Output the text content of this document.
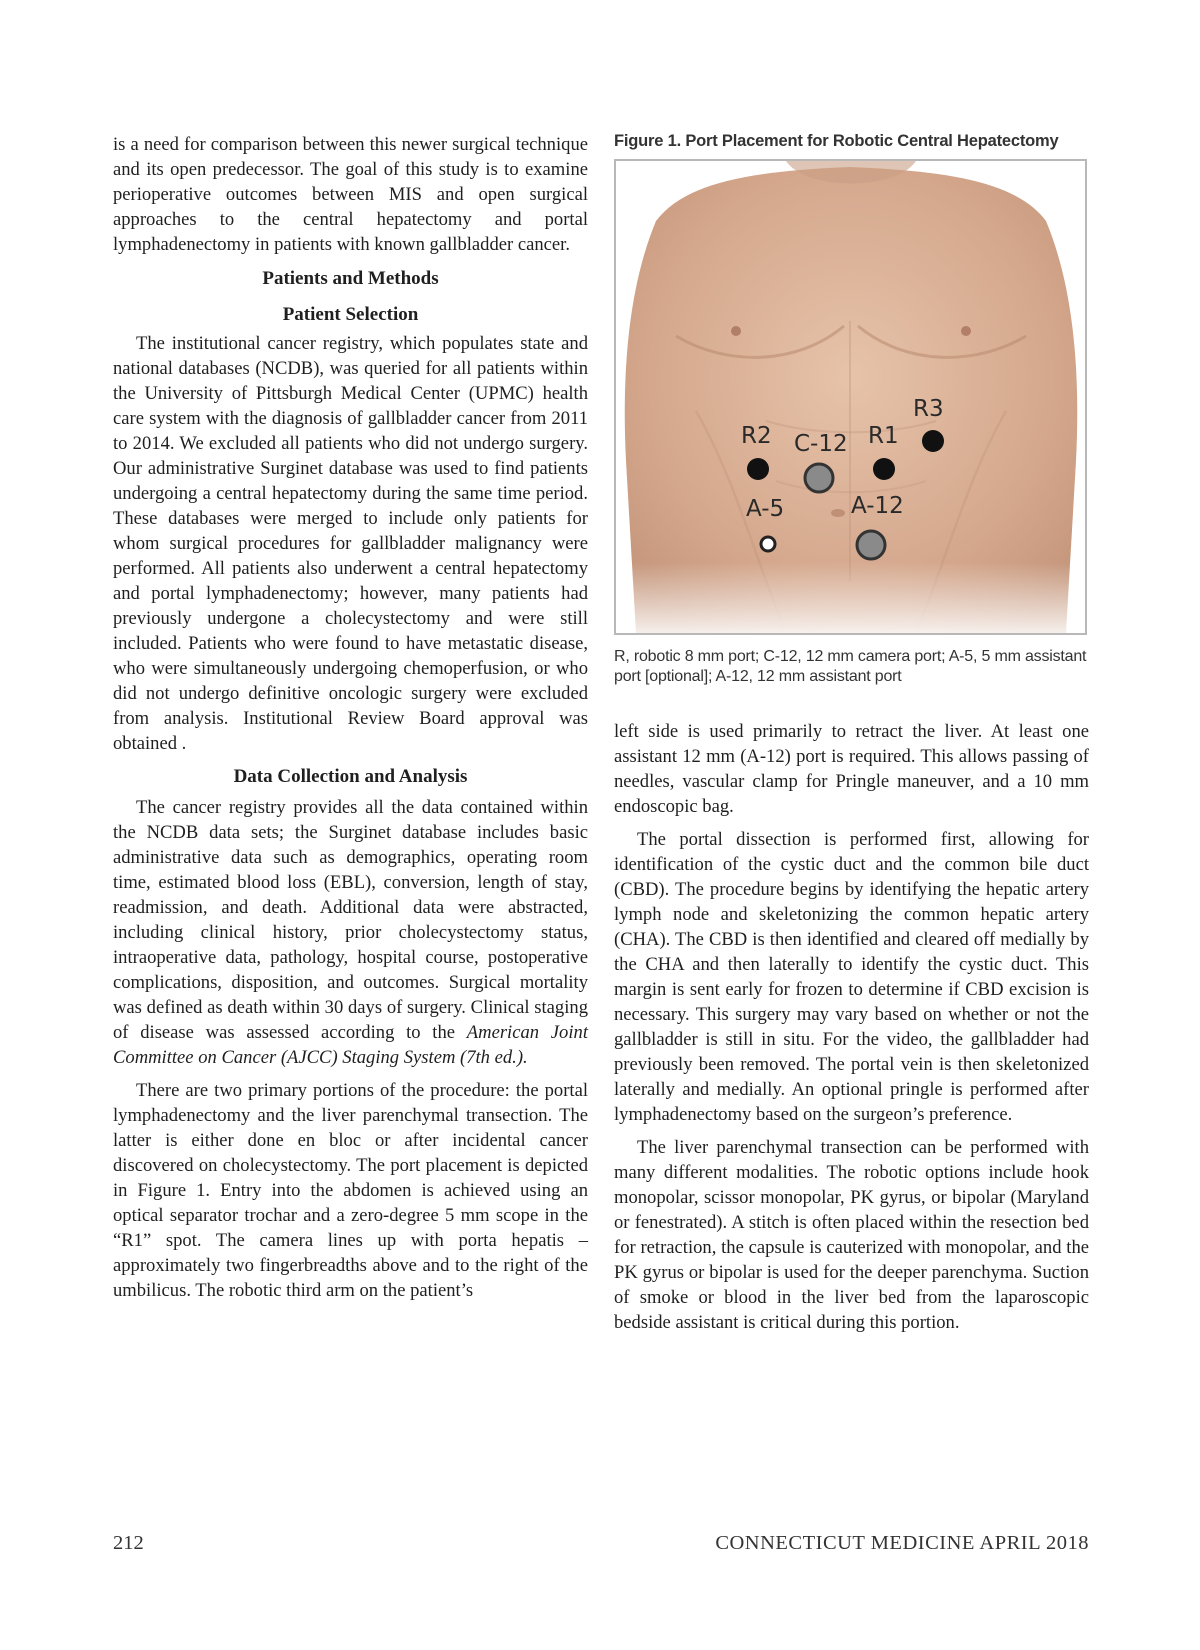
is a need for comparison between this newer surgical technique and its open predecessor. The goal of this study is to examine perioperative outcomes between MIS and open surgical approaches to the central hepatectomy and portal lymphadenectomy in patients with known gallbladder cancer.

Patients and Methods
Patient Selection

The institutional cancer registry, which populates state and national databases (NCDB), was queried for all patients within the University of Pittsburgh Medical Center (UPMC) health care system with the diagnosis of gallbladder cancer from 2011 to 2014. We excluded all patients who did not undergo surgery. Our administrative Surginet database was used to find patients undergoing a central hepatectomy during the same time period. These databases were merged to include only patients for whom surgical procedures for gallbladder malignancy were performed. All patients also underwent a central hepatectomy and portal lymphadenectomy; however, many patients had previously undergone a cholecystectomy and were still included. Patients who were found to have metastatic disease, who were simultaneously undergoing chemoperfusion, or who did not undergo definitive oncologic surgery were excluded from analysis. Institutional Review Board approval was obtained .

Data Collection and Analysis

The cancer registry provides all the data contained within the NCDB data sets; the Surginet database includes basic administrative data such as demographics, operating room time, estimated blood loss (EBL), conversion, length of stay, readmission, and death. Additional data were abstracted, including clinical history, prior cholecystectomy status, intraoperative data, pathology, hospital course, postoperative complications, disposition, and outcomes. Surgical mortality was defined as death within 30 days of surgery. Clinical staging of disease was assessed according to the American Joint Committee on Cancer (AJCC) Staging System (7th ed.).

There are two primary portions of the procedure: the portal lymphadenectomy and the liver parenchymal transection. The latter is either done en bloc or after incidental cancer discovered on cholecystectomy. The port placement is depicted in Figure 1. Entry into the abdomen is achieved using an optical separator trochar and a zero-degree 5 mm scope in the “R1” spot. The camera lines up with porta hepatis – approximately two fingerbreadths above and to the right of the umbilicus. The robotic third arm on the patient’s

Figure 1. Port Placement for Robotic Central Hepatectomy
R3
R2 C-12 R1
A-5	A-12
R, robotic 8 mm port; C-12, 12 mm camera port; A-5, 5 mm assistant port [optional]; A-12, 12 mm assistant port

left side is used primarily to retract the liver. At least one assistant 12 mm (A-12) port is required. This allows passing of needles, vascular clamp for Pringle maneuver, and a 10 mm endoscopic bag.

The portal dissection is performed first, allowing for identification of the cystic duct and the common bile duct (CBD). The procedure begins by identifying the hepatic artery lymph node and skeletonizing the common hepatic artery (CHA). The CBD is then identified and cleared off medially by the CHA and then laterally to identify the cystic duct. This margin is sent early for frozen to determine if CBD excision is necessary. This surgery may vary based on whether or not the gallbladder is still in situ. For the video, the gallbladder had previously been removed. The portal vein is then skeletonized laterally and medially. An optional pringle is performed after lymphadenectomy based on the surgeon’s preference.

The liver parenchymal transection can be performed with many different modalities. The robotic options include hook monopolar, scissor monopolar, PK gyrus, or bipolar (Maryland or fenestrated). A stitch is often placed within the resection bed for retraction, the capsule is cauterized with monopolar, and the PK gyrus or bipolar is used for the deeper parenchyma. Suction of smoke or blood in the liver bed from the laparoscopic bedside assistant is critical during this portion.

212	CONNECTICUT MEDICINE APRIL 2018
